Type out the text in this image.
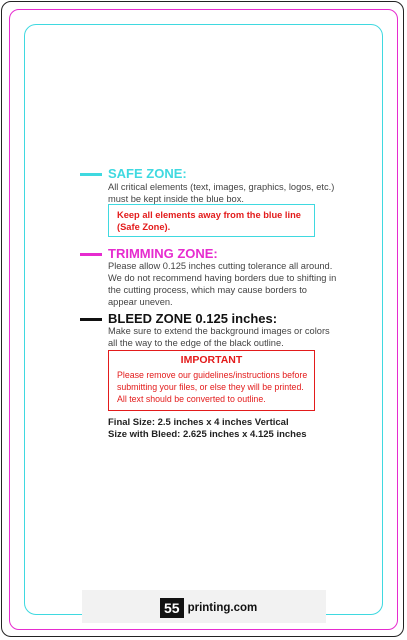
SAFE ZONE:
All critical elements (text, images, graphics, logos, etc.)
must be kept inside the blue box.
Keep all elements away from the blue line
(Safe Zone).
TRIMMING ZONE:
Please allow 0.125 inches cutting tolerance all around.
We do not recommend having borders due to shifting in
the cutting process, which may cause borders to
appear uneven.
BLEED ZONE 0.125 inches:
Make sure to extend the background images or colors
all the way to the edge of the black outline.
IMPORTANT
Please remove our guidelines/instructions before
submitting your files, or else they will be printed.
All text should be converted to outline.
Final Size: 2.5 inches x 4 inches Vertical
Size with Bleed: 2.625 inches x 4.125 inches
55 printing.com
